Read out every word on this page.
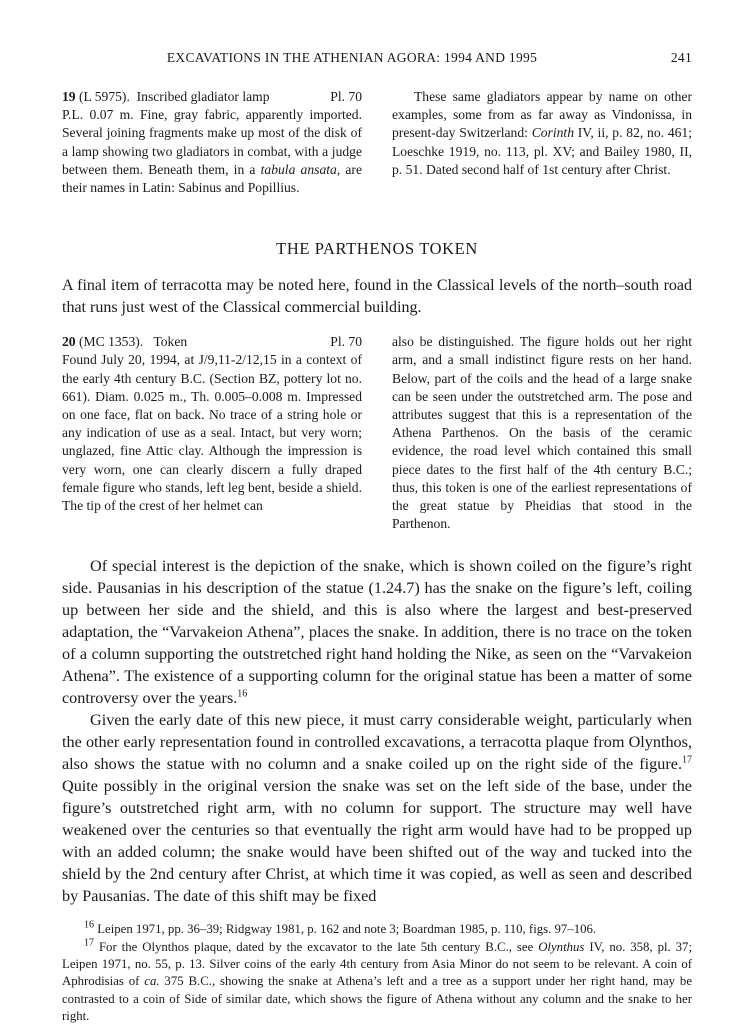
EXCAVATIONS IN THE ATHENIAN AGORA: 1994 AND 1995	241
19 (L 5975). Inscribed gladiator lamp	Pl. 70

P.L. 0.07 m. Fine, gray fabric, apparently imported. Several joining fragments make up most of the disk of a lamp showing two gladiators in combat, with a judge between them. Beneath them, in a tabula ansata, are their names in Latin: Sabinus and Popillius.

These same gladiators appear by name on other examples, some from as far away as Vindonissa, in present-day Switzerland: Corinth IV, ii, p. 82, no. 461; Loeschke 1919, no. 113, pl. XV; and Bailey 1980, II, p. 51. Dated second half of 1st century after Christ.

THE PARTHENOS TOKEN

A final item of terracotta may be noted here, found in the Classical levels of the north–south road that runs just west of the Classical commercial building.

20 (MC 1353). Token	Pl. 70

Found July 20, 1994, at J/9,11-2/12,15 in a context of the early 4th century B.C. (Section BZ, pottery lot no. 661). Diam. 0.025 m., Th. 0.005–0.008 m. Impressed on one face, flat on back. No trace of a string hole or any indication of use as a seal. Intact, but very worn; unglazed, fine Attic clay. Although the impression is very worn, one can clearly discern a fully draped female figure who stands, left leg bent, beside a shield. The tip of the crest of her helmet can

also be distinguished. The figure holds out her right arm, and a small indistinct figure rests on her hand. Below, part of the coils and the head of a large snake can be seen under the outstretched arm. The pose and attributes suggest that this is a representation of the Athena Parthenos. On the basis of the ceramic evidence, the road level which contained this small piece dates to the first half of the 4th century B.C.; thus, this token is one of the earliest representations of the great statue by Pheidias that stood in the Parthenon.

Of special interest is the depiction of the snake, which is shown coiled on the figure’s right side. Pausanias in his description of the statue (1.24.7) has the snake on the figure’s left, coiling up between her side and the shield, and this is also where the largest and best-preserved adaptation, the “Varvakeion Athena”, places the snake. In addition, there is no trace on the token of a column supporting the outstretched right hand holding the Nike, as seen on the “Varvakeion Athena”. The existence of a supporting column for the original statue has been a matter of some controversy over the years.$^{16}$

Given the early date of this new piece, it must carry considerable weight, particularly when the other early representation found in controlled excavations, a terracotta plaque from Olynthos, also shows the statue with no column and a snake coiled up on the right side of the figure.$^{17}$ Quite possibly in the original version the snake was set on the left side of the base, under the figure’s outstretched right arm, with no column for support. The structure may well have weakened over the centuries so that eventually the right arm would have had to be propped up with an added column; the snake would have been shifted out of the way and tucked into the shield by the 2nd century after Christ, at which time it was copied, as well as seen and described by Pausanias. The date of this shift may be fixed

$^{16}$ Leipen 1971, pp. 36–39; Ridgway 1981, p. 162 and note 3; Boardman 1985, p. 110, figs. 97–106.

$^{17}$ For the Olynthos plaque, dated by the excavator to the late 5th century B.C., see Olynthus IV, no. 358, pl. 37; Leipen 1971, no. 55, p. 13. Silver coins of the early 4th century from Asia Minor do not seem to be relevant. A coin of Aphrodisias of ca. 375 B.C., showing the snake at Athena’s left and a tree as a support under her right hand, may be contrasted to a coin of Side of similar date, which shows the figure of Athena without any column and the snake to her right.
